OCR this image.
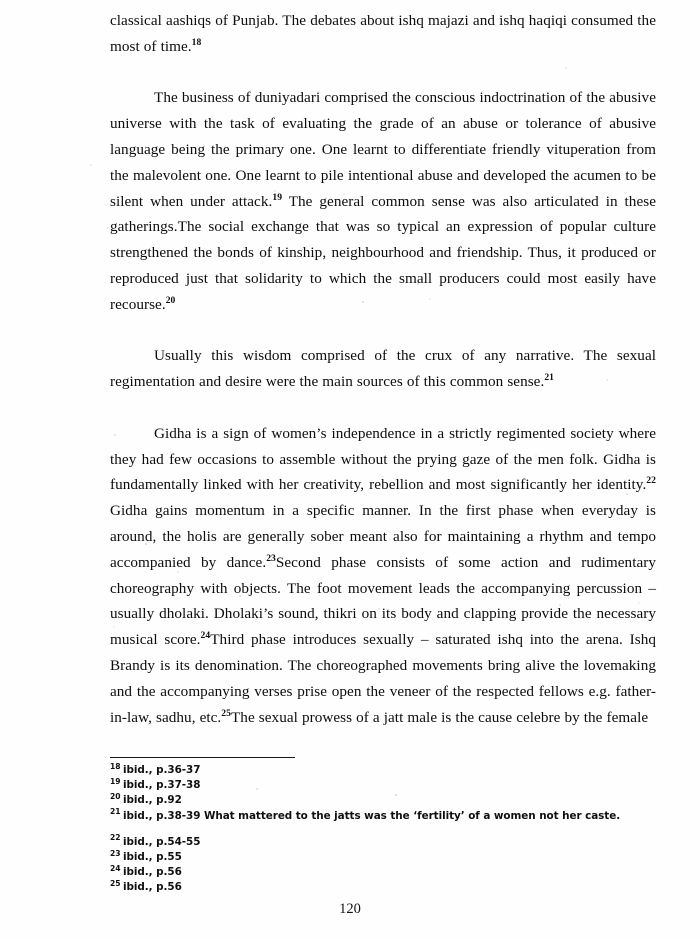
classical aashiqs of Punjab. The debates about ishq majazi and ishq haqiqi consumed the most of time.$^{18}$

The business of duniyadari comprised the conscious indoctrination of the abusive universe with the task of evaluating the grade of an abuse or tolerance of abusive language being the primary one. One learnt to differentiate friendly vituperation from the malevolent one. One learnt to pile intentional abuse and developed the acumen to be silent when under attack.$^{19}$ The general common sense was also articulated in these gatherings.The social exchange that was so typical an expression of popular culture strengthened the bonds of kinship, neighbourhood and friendship. Thus, it produced or reproduced just that solidarity to which the small producers could most easily have recourse.$^{20}$

Usually this wisdom comprised of the crux of any narrative. The sexual regimentation and desire were the main sources of this common sense.$^{21}$

Gidha is a sign of women’s independence in a strictly regimented society where they had few occasions to assemble without the prying gaze of the men folk. Gidha is fundamentally linked with her creativity, rebellion and most significantly her identity.$^{22}$ Gidha gains momentum in a specific manner. In the first phase when everyday is around, the holis are generally sober meant also for maintaining a rhythm and tempo accompanied by dance.$^{23}$Second phase consists of some action and rudimentary choreography with objects. The foot movement leads the accompanying percussion – usually dholaki. Dholaki’s sound, thikri on its body and clapping provide the necessary musical score.$^{24}$Third phase introduces sexually – saturated ishq into the arena. Ishq Brandy is its denomination. The choreographed movements bring alive the lovemaking and the accompanying verses prise open the veneer of the respected fellows e.g. father-in-law, sadhu, etc.$^{25}$The sexual prowess of a jatt male is the cause celebre by the female

$^{18}$ ibid., p.36-37
$^{19}$ ibid., p.37-38
$^{20}$ ibid., p.92
$^{21}$ ibid., p.38-39 What mattered to the jatts was the ‘fertility’ of a women not her caste.
$^{22}$ ibid., p.54-55
$^{23}$ ibid., p.55
$^{24}$ ibid., p.56
$^{25}$ ibid., p.56
120
